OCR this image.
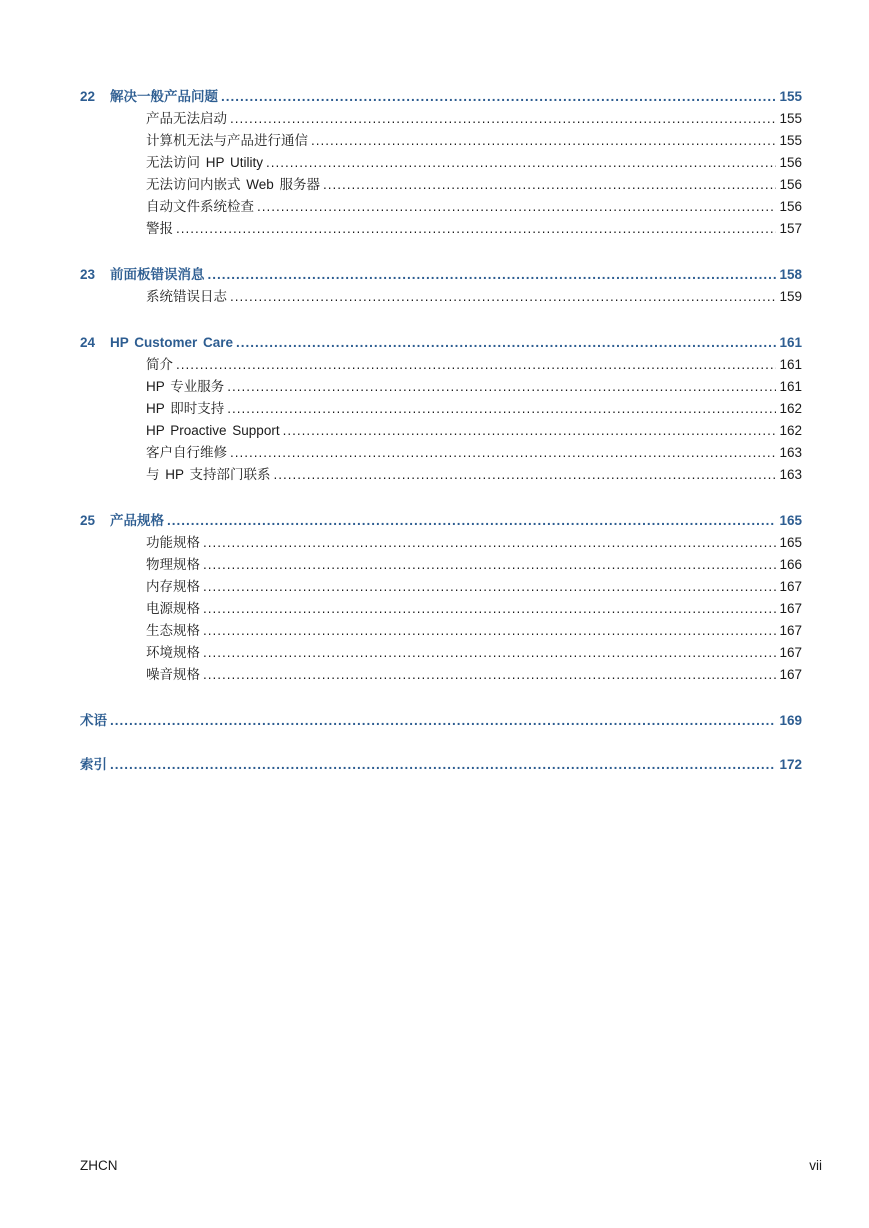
22	解决一般产品问题 .....	155
产品无法启动 .....	155
计算机无法与产品进行通信 .....	155
无法访问 HP Utility .....	156
无法访问内嵌式 Web 服务器 .....	156
自动文件系统检查 .....	156
警报 .....	157
23	前面板错误消息 .....	158
系统错误日志 .....	159
24	HP Customer Care .....	161
简介 .....	161
HP 专业服务 .....	161
HP 即时支持 .....	162
HP Proactive Support .....	162
客户自行维修 .....	163
与 HP 支持部门联系 .....	163
25	产品规格 .....	165
功能规格 .....	165
物理规格 .....	166
内存规格 .....	167
电源规格 .....	167
生态规格 .....	167
环境规格 .....	167
噪音规格 .....	167
术语 .....	169
索引 .....	172
ZHCN	vii
